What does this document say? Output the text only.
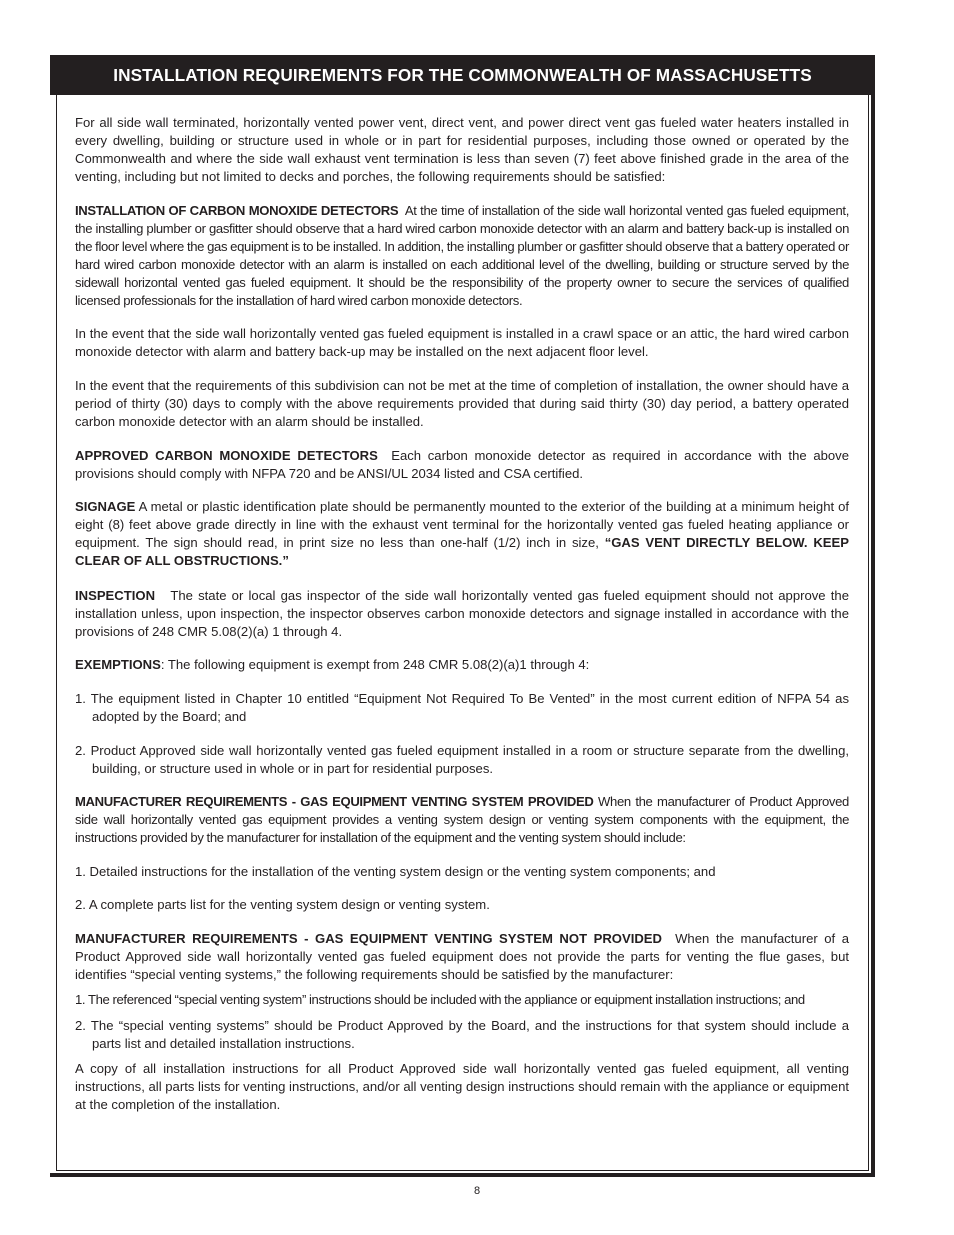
INSTALLATION REQUIREMENTS FOR THE COMMONWEALTH OF MASSACHUSETTS

For all side wall terminated, horizontally vented power vent, direct vent, and power direct vent gas fueled water heaters installed in every dwelling, building or structure used in whole or in part for residential purposes, including those owned or operated by the Commonwealth and where the side wall exhaust vent termination is less than seven (7) feet above finished grade in the area of the venting, including but not limited to decks and porches, the following requirements should be satisfied:

INSTALLATION OF CARBON MONOXIDE DETECTORS At the time of installation of the side wall horizontal vented gas fueled equipment, the installing plumber or gasfitter should observe that a hard wired carbon monoxide detector with an alarm and battery back-up is installed on the floor level where the gas equipment is to be installed. In addition, the installing plumber or gasfitter should observe that a battery operated or hard wired carbon monoxide detector with an alarm is installed on each additional level of the dwelling, building or structure served by the sidewall horizontal vented gas fueled equipment. It should be the responsibility of the property owner to secure the services of qualified licensed professionals for the installation of hard wired carbon monoxide detectors.

In the event that the side wall horizontally vented gas fueled equipment is installed in a crawl space or an attic, the hard wired carbon monoxide detector with alarm and battery back-up may be installed on the next adjacent floor level.

In the event that the requirements of this subdivision can not be met at the time of completion of installation, the owner should have a period of thirty (30) days to comply with the above requirements provided that during said thirty (30) day period, a battery operated carbon monoxide detector with an alarm should be installed.

APPROVED CARBON MONOXIDE DETECTORS Each carbon monoxide detector as required in accordance with the above provisions should comply with NFPA 720 and be ANSI/UL 2034 listed and CSA certified.

SIGNAGE A metal or plastic identification plate should be permanently mounted to the exterior of the building at a minimum height of eight (8) feet above grade directly in line with the exhaust vent terminal for the horizontally vented gas fueled heating appliance or equipment. The sign should read, in print size no less than one-half (1/2) inch in size, “GAS VENT DIRECTLY BELOW. KEEP CLEAR OF ALL OBSTRUCTIONS.”

INSPECTION The state or local gas inspector of the side wall horizontally vented gas fueled equipment should not approve the installation unless, upon inspection, the inspector observes carbon monoxide detectors and signage installed in accordance with the provisions of 248 CMR 5.08(2)(a) 1 through 4.

EXEMPTIONS: The following equipment is exempt from 248 CMR 5.08(2)(a)1 through 4:

1. The equipment listed in Chapter 10 entitled “Equipment Not Required To Be Vented” in the most current edition of NFPA 54 as adopted by the Board; and

2. Product Approved side wall horizontally vented gas fueled equipment installed in a room or structure separate from the dwelling, building, or structure used in whole or in part for residential purposes.

MANUFACTURER REQUIREMENTS - GAS EQUIPMENT VENTING SYSTEM PROVIDED When the manufacturer of Product Approved side wall horizontally vented gas equipment provides a venting system design or venting system components with the equipment, the instructions provided by the manufacturer for installation of the equipment and the venting system should include:

1. Detailed instructions for the installation of the venting system design or the venting system components; and

2. A complete parts list for the venting system design or venting system.

MANUFACTURER REQUIREMENTS - GAS EQUIPMENT VENTING SYSTEM NOT PROVIDED When the manufacturer of a Product Approved side wall horizontally vented gas fueled equipment does not provide the parts for venting the flue gases, but identifies “special venting systems,” the following requirements should be satisfied by the manufacturer:

1. The referenced “special venting system” instructions should be included with the appliance or equipment installation instructions; and

2. The “special venting systems” should be Product Approved by the Board, and the instructions for that system should include a parts list and detailed installation instructions.

A copy of all installation instructions for all Product Approved side wall horizontally vented gas fueled equipment, all venting instructions, all parts lists for venting instructions, and/or all venting design instructions should remain with the appliance or equipment at the completion of the installation.

8
